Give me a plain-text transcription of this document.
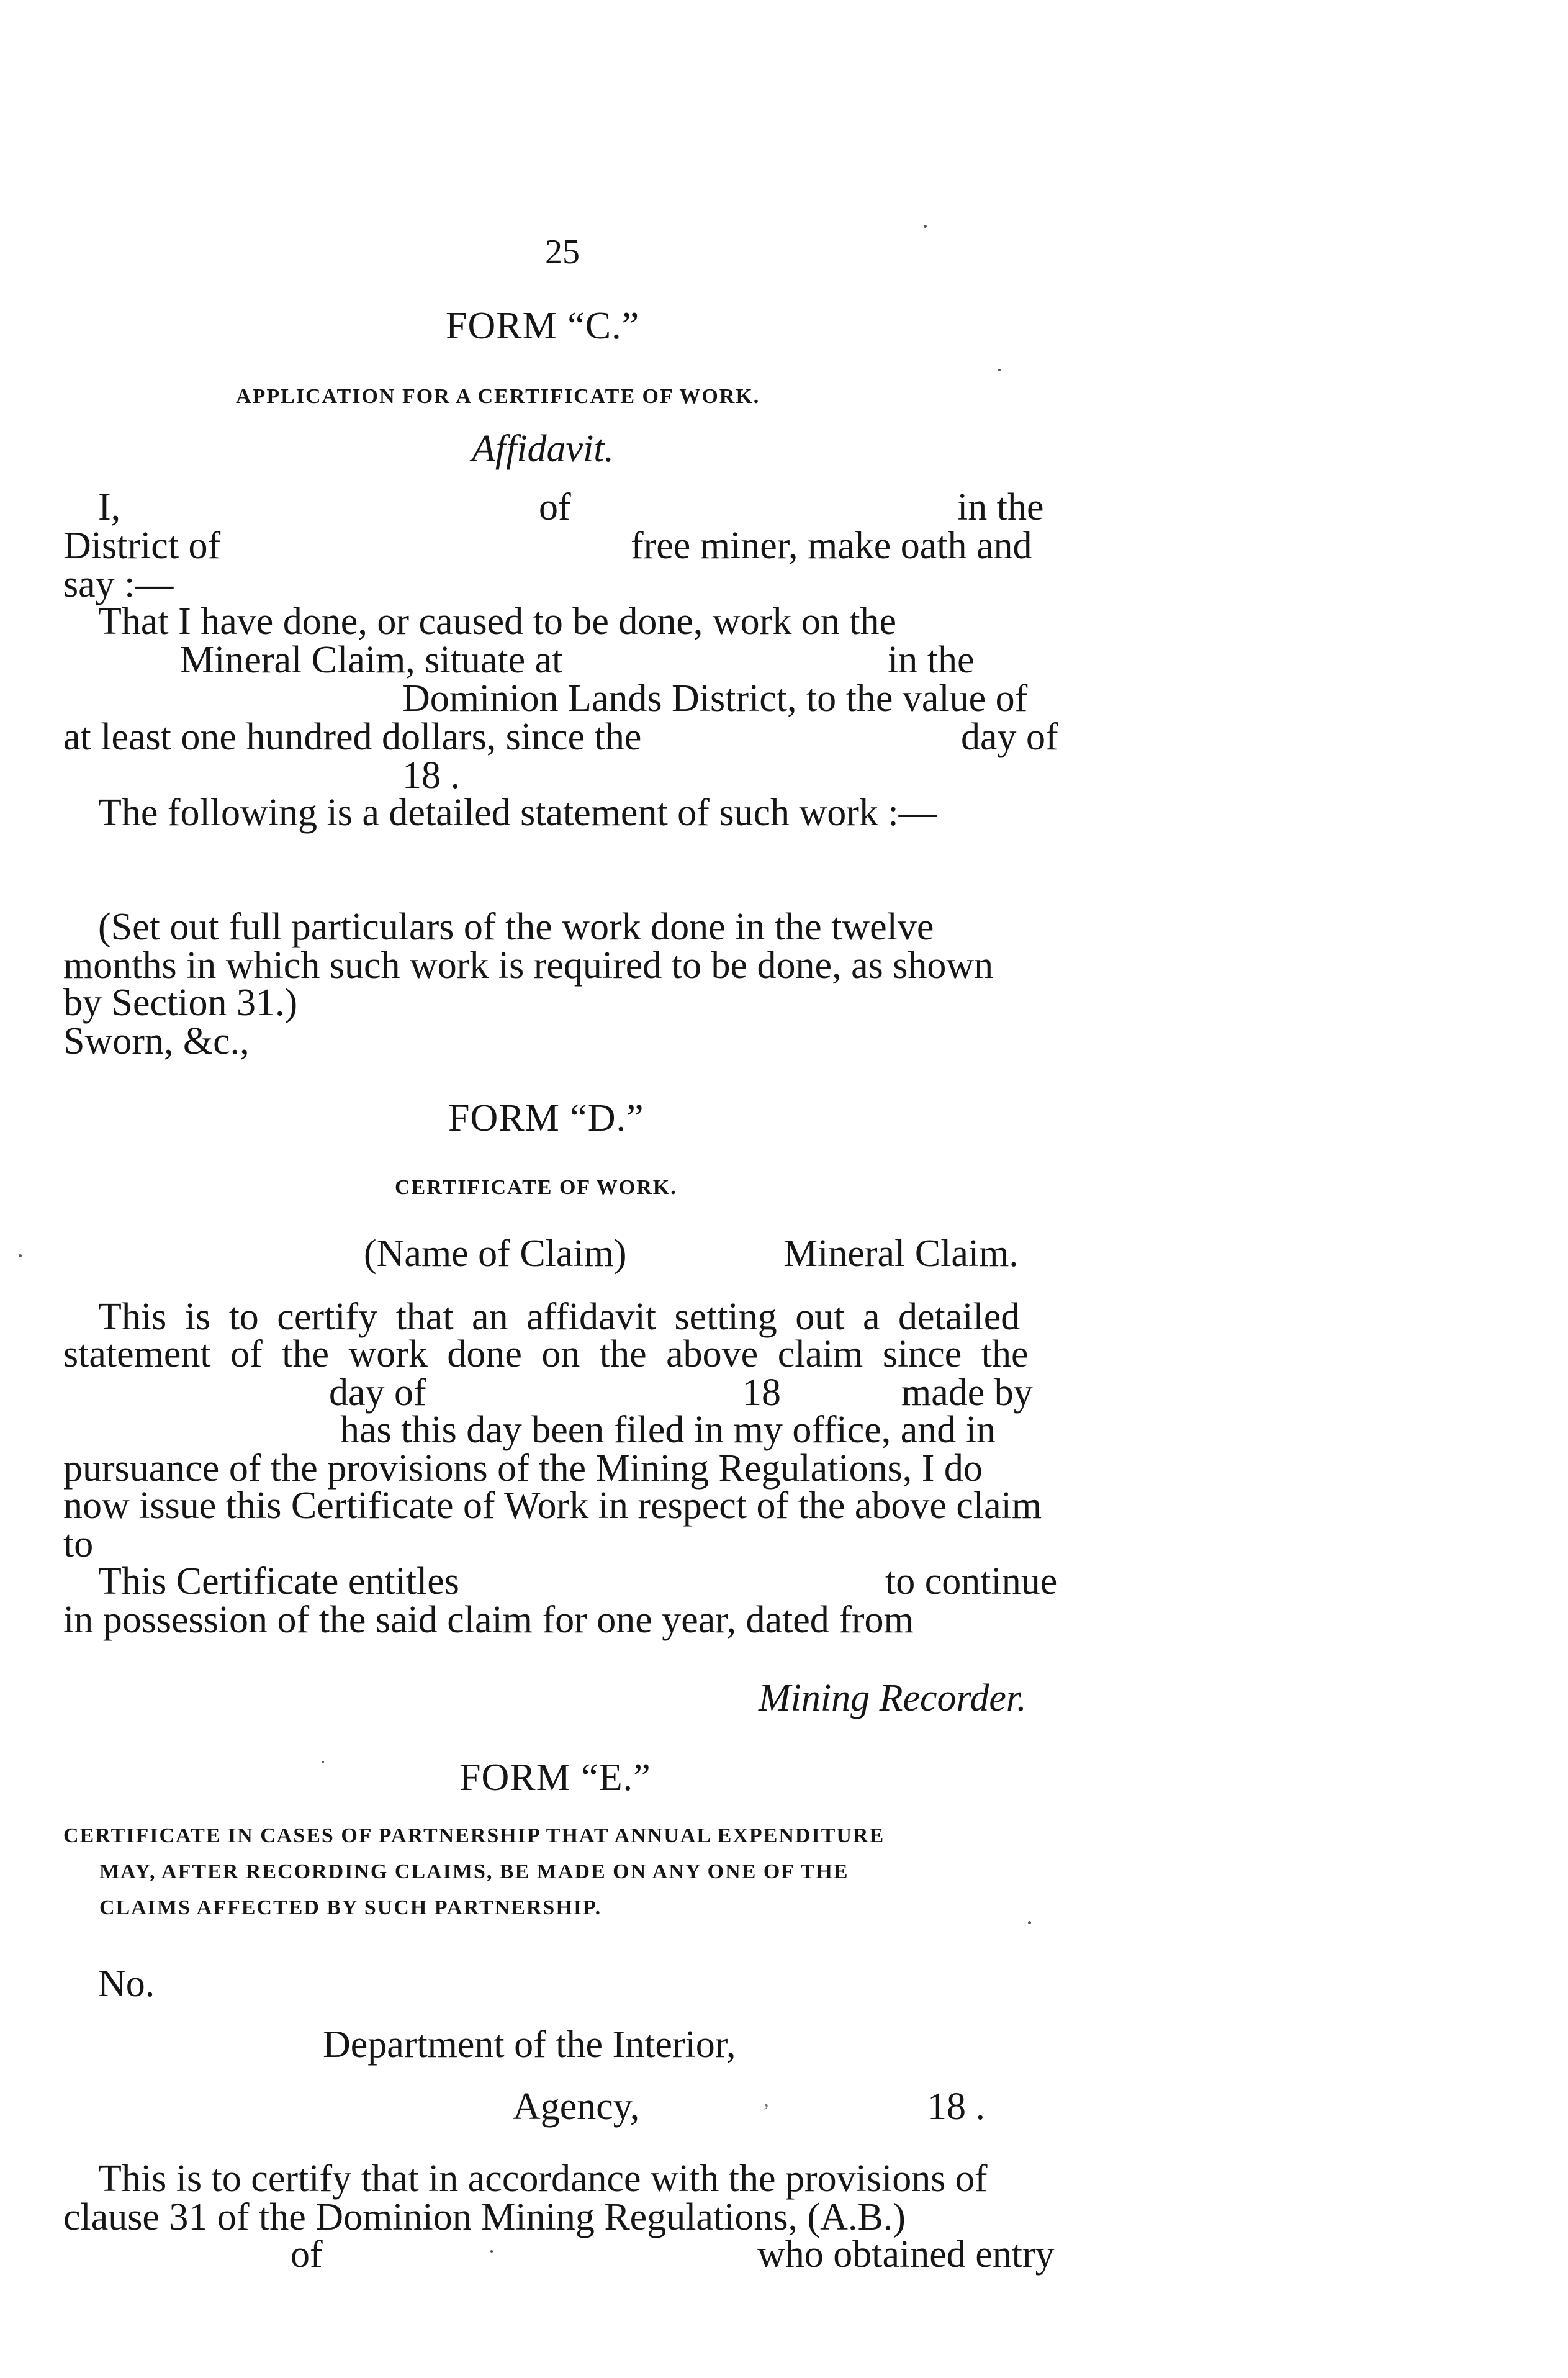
25
FORM “C.”
APPLICATION FOR A CERTIFICATE OF WORK.
Affidavit.
I,	of	in the
District of	free miner, make oath and
say :—
That I have done, or caused to be done, work on the
Mineral Claim, situate at	in the
Dominion Lands District, to the value of
at least one hundred dollars, since the	day of
18 .
The following is a detailed statement of such work :—
(Set out full particulars of the work done in the twelve
months in which such work is required to be done, as shown
by Section 31.)
Sworn, &c.,
FORM “D.”
CERTIFICATE OF WORK.
(Name of Claim)	Mineral Claim.
This is to certify that an affidavit setting out a detailed
statement of the work done on the above claim since the
day of	18	made by
has this day been filed in my office, and in
pursuance of the provisions of the Mining Regulations, I do
now issue this Certificate of Work in respect of the above claim
to
This Certificate entitles	to continue
in possession of the said claim for one year, dated from
Mining Recorder.
FORM “E.”
CERTIFICATE IN CASES OF PARTNERSHIP THAT ANNUAL EXPENDITURE
MAY, AFTER RECORDING CLAIMS, BE MADE ON ANY ONE OF THE
CLAIMS AFFECTED BY SUCH PARTNERSHIP.
No.
Department of the Interior,
Agency,	,	18 .
This is to certify that in accordance with the provisions of
clause 31 of the Dominion Mining Regulations, (A.B.)
of	who obtained entry
